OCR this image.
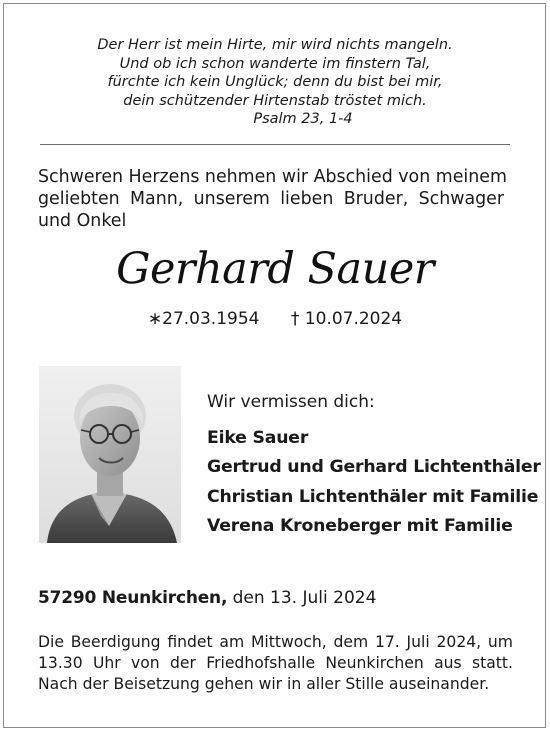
Der Herr ist mein Hirte, mir wird nichts mangeln.
Und ob ich schon wanderte im finstern Tal,
fürchte ich kein Unglück; denn du bist bei mir,
dein schützender Hirtenstab tröstet mich.
Psalm 23, 1-4
Schweren Herzens nehmen wir Abschied von meinem
geliebten Mann, unserem lieben Bruder, Schwager
und Onkel
Gerhard Sauer
∗27.03.1954 † 10.07.2024
Wir vermissen dich:
Eike Sauer
Gertrud und Gerhard Lichtenthäler
Christian Lichtenthäler mit Familie
Verena Kroneberger mit Familie
57290 Neunkirchen, den 13. Juli 2024
Die Beerdigung findet am Mittwoch, dem 17. Juli 2024, um
13.30 Uhr von der Friedhofshalle Neunkirchen aus statt.
Nach der Beisetzung gehen wir in aller Stille auseinander.
